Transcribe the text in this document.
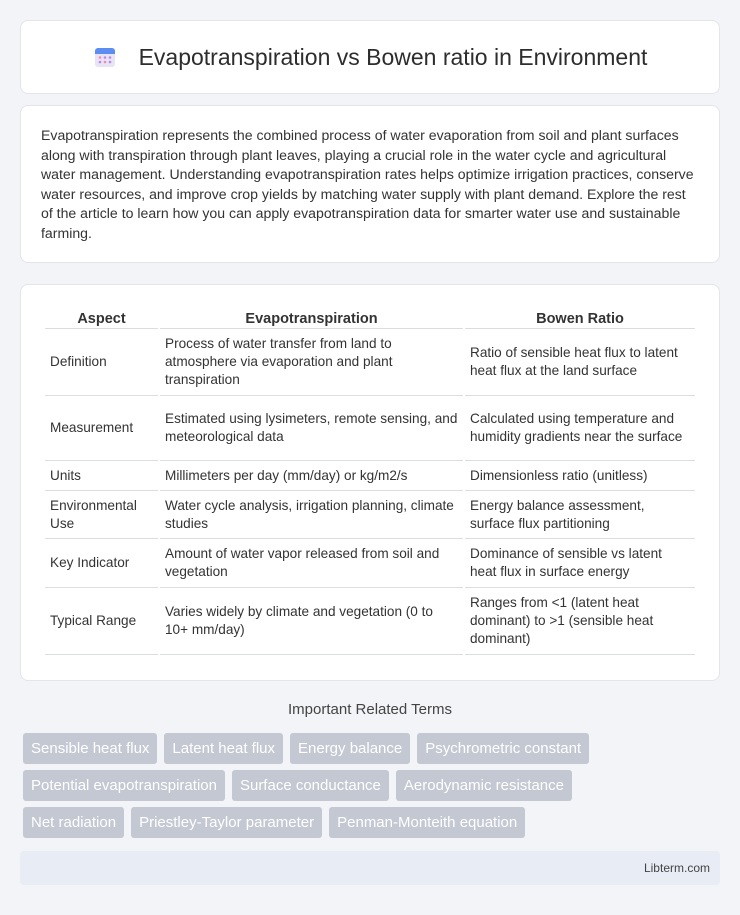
Evapotranspiration vs Bowen ratio in Environment

Evapotranspiration represents the combined process of water evaporation from soil and plant surfaces along with transpiration through plant leaves, playing a crucial role in the water cycle and agricultural water management. Understanding evapotranspiration rates helps optimize irrigation practices, conserve water resources, and improve crop yields by matching water supply with plant demand. Explore the rest of the article to learn how you can apply evapotranspiration data for smarter water use and sustainable farming.

Aspect	Evapotranspiration	Bowen Ratio
Definition	Process of water transfer from land to atmosphere via evaporation and plant transpiration	Ratio of sensible heat flux to latent heat flux at the land surface
Measurement	Estimated using lysimeters, remote sensing, and meteorological data	Calculated using temperature and humidity gradients near the surface
Units	Millimeters per day (mm/day) or kg/m2/s	Dimensionless ratio (unitless)
Environmental Use	Water cycle analysis, irrigation planning, climate studies	Energy balance assessment, surface flux partitioning
Key Indicator	Amount of water vapor released from soil and vegetation	Dominance of sensible vs latent heat flux in surface energy
Typical Range	Varies widely by climate and vegetation (0 to 10+ mm/day)	Ranges from <1 (latent heat dominant) to >1 (sensible heat dominant)
Important Related Terms
Sensible heat flux	Latent heat flux	Energy balance	Psychrometric constant
Potential evapotranspiration	Surface conductance	Aerodynamic resistance
Net radiation	Priestley-Taylor parameter	Penman-Monteith equation
Libterm.com
